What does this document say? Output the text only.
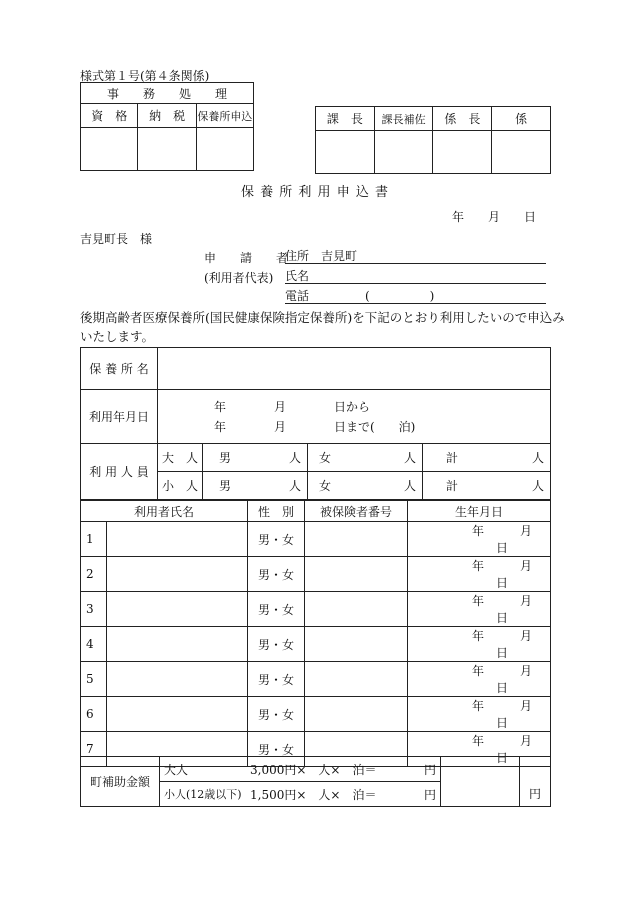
様式第１号(第４条関係)
事　　務　　処　　理		
資　格	納　税	保養所申込
			課　長	課長補佐	係　長	係

保 養 所 利 用 申 込 書
年　　月　　日
吉見町長　様
申　　請　　者
(利用者代表)
住所　吉見町
氏名
電話	(　　　　　)
後期高齢者医療保養所(国民健康保険指定保養所)を下記のとおり利用したいので申込みいたします。
保 養 所 名							
利用年月日	年　　　　月　　　　日から
年　　　　月　　　　日まで(　　泊)						

利 用 人 員	大　人	男	人	女	人	計	人
	小　人	男	人	女	人	計	人
利用者氏名		性　別	被保険者番号	生年月日
1		男・女		年　　　月　　　日
2		男・女		年　　　月　　　日
3		男・女		年　　　月　　　日
4		男・女		年　　　月　　　日
5		男・女		年　　　月　　　日
6		男・女		年　　　月　　　日
7		男・女		年　　　月　　　日
町補助金額	大人	3,000円×　人×　泊＝	円		円
	小人(12歳以下)	1,500円×　人×　泊＝	円		
